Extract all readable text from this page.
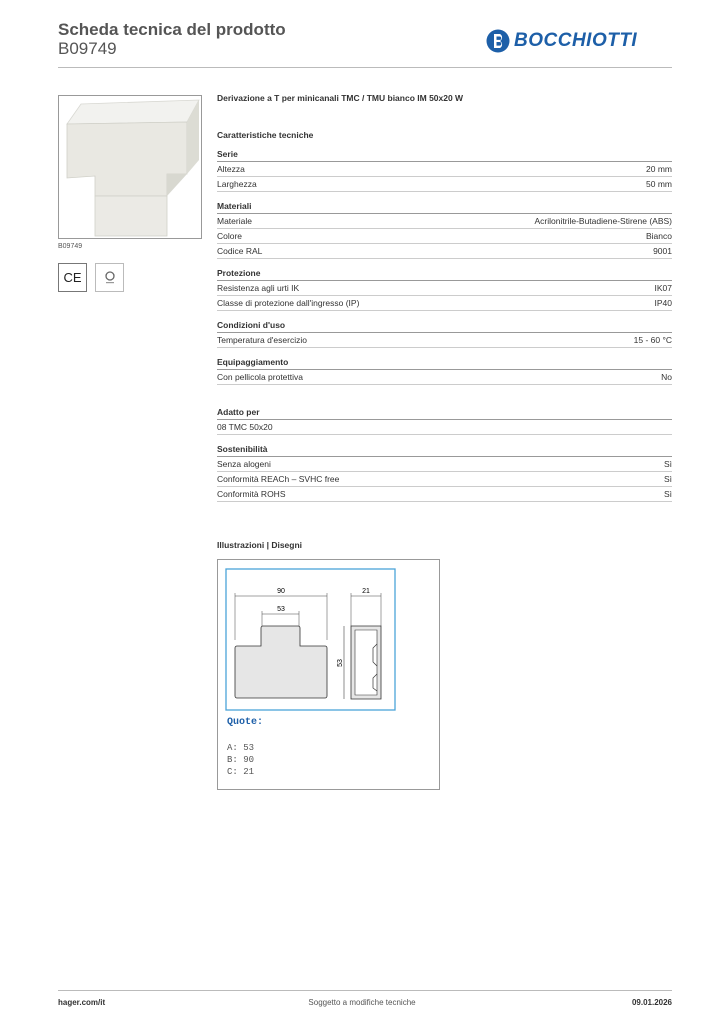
Scheda tecnica del prodotto
B09749	BOCCHIOTTI
B09749
CE
Derivazione a T per minicanali TMC / TMU bianco IM 50x20 W
Caratteristiche tecniche
Serie
Altezza	20 mm
Larghezza	50 mm
Materiali
Materiale	Acrilonitrile-Butadiene-Stirene (ABS)
Colore	Bianco
Codice RAL	9001
Protezione
Resistenza agli urti IK	IK07
Classe di protezione dall'ingresso (IP)	IP40
Condizioni d'uso
Temperatura d'esercizio	15 - 60 °C
Equipaggiamento
Con pellicola protettiva	No
Adatto per
08 TMC 50x20
Sostenibilità
Senza alogeni	Sì
Conformità REACh – SVHC free	Sì
Conformità ROHS	Sì
Illustrazioni | Disegni
90
53
21
53
Quote:
A: 53
B: 90
C: 21
hager.com/it	Soggetto a modifiche tecniche	09.01.2026
